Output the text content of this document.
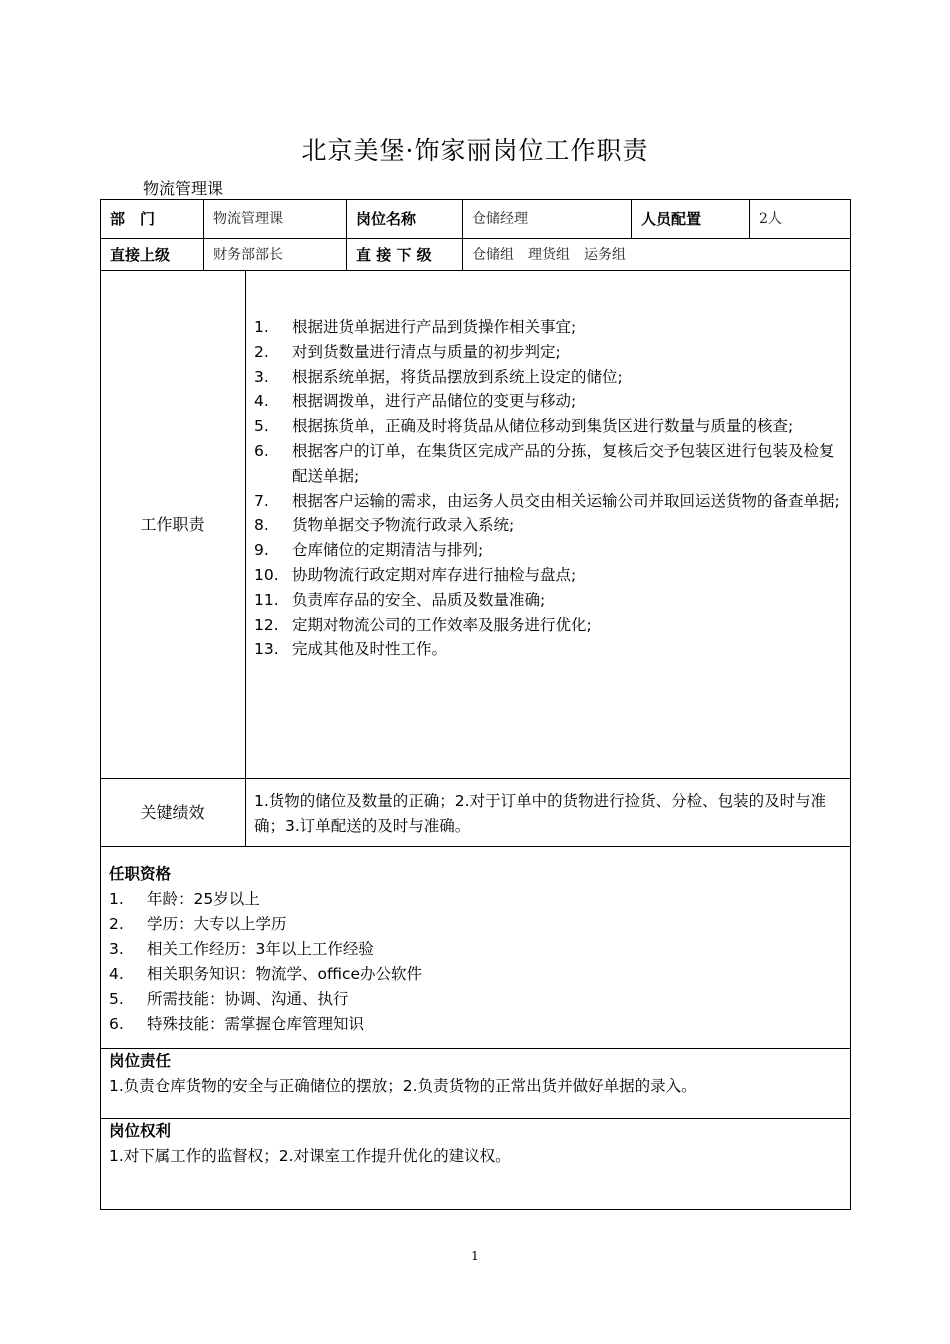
北京美堡·饰家丽岗位工作职责
物流管理课
部　门	物流管理课	岗位名称	仓储经理	人员配置	2人
直接上级	财务部部长	直 接 下 级	仓储组　理货组　运务组
工作职责
1. 根据进货单据进行产品到货操作相关事宜;
2. 对到货数量进行清点与质量的初步判定;
3. 根据系统单据，将货品摆放到系统上设定的储位;
4. 根据调拨单，进行产品储位的变更与移动;
5. 根据拣货单，正确及时将货品从储位移动到集货区进行数量与质量的核查;
6. 根据客户的订单，在集货区完成产品的分拣，复核后交予包装区进行包装及检复配送单据;
7. 根据客户运输的需求，由运务人员交由相关运输公司并取回运送货物的备查单据;
8. 货物单据交予物流行政录入系统;
9. 仓库储位的定期清洁与排列;
10. 协助物流行政定期对库存进行抽检与盘点;
11. 负责库存品的安全、品质及数量准确;
12. 定期对物流公司的工作效率及服务进行优化;
13. 完成其他及时性工作。
关键绩效
1.货物的储位及数量的正确；2.对于订单中的货物进行捡货、分检、包装的及时与准确；3.订单配送的及时与准确。
任职资格
1. 年龄：25岁以上
2. 学历：大专以上学历
3. 相关工作经历：3年以上工作经验
4. 相关职务知识：物流学、office办公软件
5. 所需技能：协调、沟通、执行
6. 特殊技能：需掌握仓库管理知识
岗位责任
1.负责仓库货物的安全与正确储位的摆放；2.负责货物的正常出货并做好单据的录入。
岗位权利
1.对下属工作的监督权；2.对课室工作提升优化的建议权。
1
